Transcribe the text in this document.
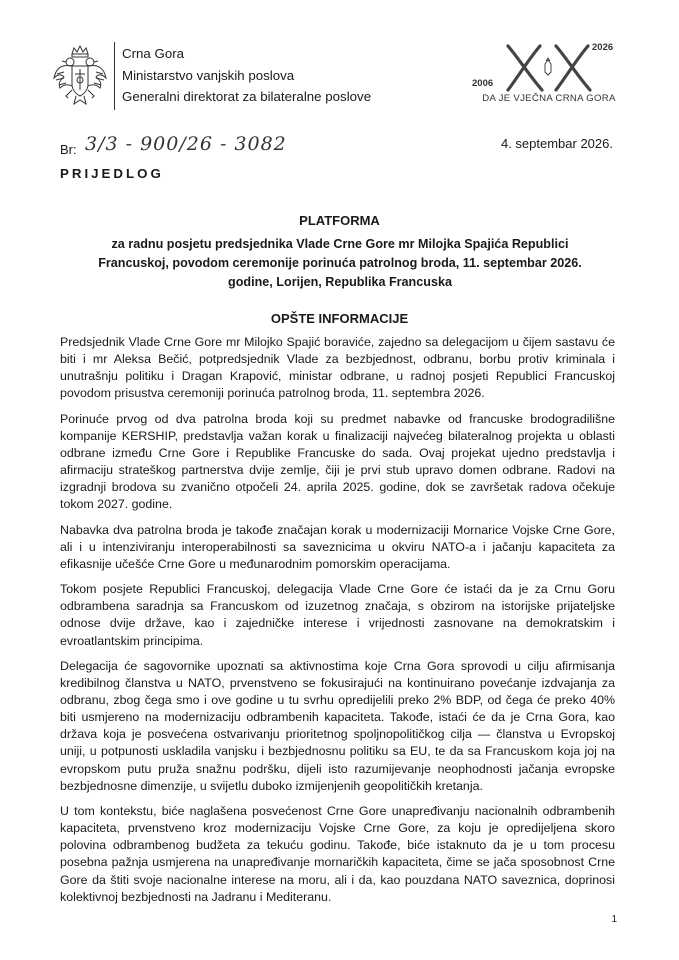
Crna Gora
Ministarstvo vanjskih poslova
Generalni direktorat za bilateralne poslove
2006
2026
DA JE VJEČNA CRNA GORA
Br: 3/3 - 900/26 - 3082	4. septembar 2026.
PRIJEDLOG
PLATFORMA
za radnu posjetu predsjednika Vlade Crne Gore mr Milojka Spajića Republici Francuskoj, povodom ceremonije porinuća patrolnog broda, 11. septembar 2026. godine, Lorijen, Republika Francuska
OPŠTE INFORMACIJE

Predsjednik Vlade Crne Gore mr Milojko Spajić boraviće, zajedno sa delegacijom u čijem sastavu će biti i mr Aleksa Bečić, potpredsjednik Vlade za bezbjednost, odbranu, borbu protiv kriminala i unutrašnju politiku i Dragan Krapović, ministar odbrane, u radnoj posjeti Republici Francuskoj povodom prisustva ceremoniji porinuća patrolnog broda, 11. septembra 2026.

Porinuće prvog od dva patrolna broda koji su predmet nabavke od francuske brodogradilišne kompanije KERSHIP, predstavlja važan korak u finalizaciji najvećeg bilateralnog projekta u oblasti odbrane između Crne Gore i Republike Francuske do sada. Ovaj projekat ujedno predstavlja i afirmaciju strateškog partnerstva dvije zemlje, čiji je prvi stub upravo domen odbrane. Radovi na izgradnji brodova su zvanično otpočeli 24. aprila 2025. godine, dok se završetak radova očekuje tokom 2027. godine.

Nabavka dva patrolna broda je takođe značajan korak u modernizaciji Mornarice Vojske Crne Gore, ali i u intenziviranju interoperabilnosti sa saveznicima u okviru NATO-a i jačanju kapaciteta za efikasnije učešće Crne Gore u međunarodnim pomorskim operacijama.

Tokom posjete Republici Francuskoj, delegacija Vlade Crne Gore će istaći da je za Crnu Goru odbrambena saradnja sa Francuskom od izuzetnog značaja, s obzirom na istorijske prijateljske odnose dvije države, kao i zajedničke interese i vrijednosti zasnovane na demokratskim i evroatlantskim principima.

Delegacija će sagovornike upoznati sa aktivnostima koje Crna Gora sprovodi u cilju afirmisanja kredibilnog članstva u NATO, prvenstveno se fokusirajući na kontinuirano povećanje izdvajanja za odbranu, zbog čega smo i ove godine u tu svrhu opredijelili preko 2% BDP, od čega će preko 40% biti usmjereno na modernizaciju odbrambenih kapaciteta. Takođe, istaći će da je Crna Gora, kao država koja je posvećena ostvarivanju prioritetnog spoljnopolitičkog cilja — članstva u Evropskoj uniji, u potpunosti uskladila vanjsku i bezbjednosnu politiku sa EU, te da sa Francuskom koja joj na evropskom putu pruža snažnu podršku, dijeli isto razumijevanje neophodnosti jačanja evropske bezbjednosne dimenzije, u svijetlu duboko izmijenjenih geopolitičkih kretanja.

U tom kontekstu, biće naglašena posvećenost Crne Gore unapređivanju nacionalnih odbrambenih kapaciteta, prvenstveno kroz modernizaciju Vojske Crne Gore, za koju je opredijeljena skoro polovina odbrambenog budžeta za tekuću godinu. Takođe, biće istaknuto da je u tom procesu posebna pažnja usmjerena na unapređivanje mornaričkih kapaciteta, čime se jača sposobnost Crne Gore da štiti svoje nacionalne interese na moru, ali i da, kao pouzdana NATO saveznica, doprinosi kolektivnoj bezbjednosti na Jadranu i Mediteranu.

1
